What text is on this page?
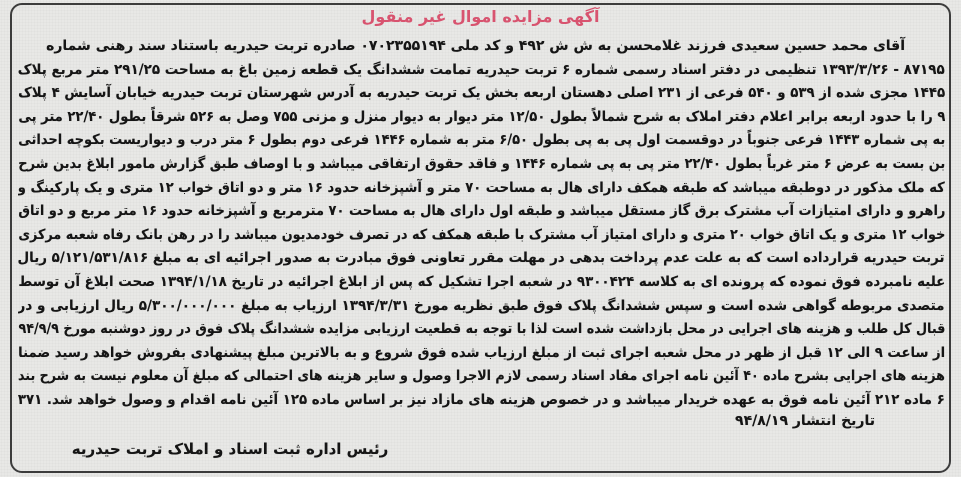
آگهی مزایده اموال غیر منقول
آقای محمد حسین سعیدی فرزند غلامحسن به ش ش ۴۹۲ و کد ملی ۰۷۰۲۳۵۵۱۹۴ صادره تربت حیدریه باستناد سند رهنی شماره
۸۷۱۹۵ - ۱۳۹۳/۳/۲۶ تنظیمی در دفتر اسناد رسمی شماره ۶ تربت حیدریه تمامت ششدانگ یک قطعه زمین باغ به مساحت ۲۹۱/۲۵ متر مربع پلاک
۱۴۴۵ مجزی شده از ۵۳۹ و ۵۴۰ فرعی از ۲۳۱ اصلی دهستان اربعه بخش یک تربت حیدریه به آدرس شهرستان تربت حیدریه خیابان آسایش ۴ پلاک
۹ را با حدود اربعه برابر اعلام دفتر املاک به شرح شمالاً بطول ۱۲/۵۰ متر دیوار به دیوار منزل و مزنی ۷۵۵ وصل به ۵۲۶ شرقاً بطول ۲۲/۴۰ متر پی
به پی شماره ۱۴۴۳ فرعی جنوباً در دوقسمت اول پی به پی بطول ۶/۵۰ متر به شماره ۱۴۴۶ فرعی دوم بطول ۶ متر درب و دیواریست بکوچه احداثی
بن بست به عرض ۶ متر غرباً بطول ۲۲/۴۰ متر پی به پی شماره ۱۴۴۶ و فاقد حقوق ارتفاقی میباشد و با اوصاف طبق گزارش مامور ابلاغ بدین شرح
که ملک مذکور در دوطبقه میباشد که طبقه همکف دارای هال به مساحت ۷۰ متر و آشپزخانه حدود ۱۶ متر و دو اتاق خواب ۱۲ متری و یک پارکینگ و
راهرو و دارای امتیازات آب مشترک برق گاز مستقل میباشد و طبقه اول دارای هال به مساحت ۷۰ مترمربع و آشپزخانه حدود ۱۶ متر مربع و دو اتاق
خواب ۱۲ متری و یک اتاق خواب ۲۰ متری و دارای امتیاز آب مشترک با طبقه همکف که در تصرف خودمدیون میباشد را در رهن بانک رفاه شعبه مرکزی
تربت حیدریه قرارداده است که به علت عدم پرداخت بدهی در مهلت مقرر تعاونی فوق مبادرت به صدور اجرائیه ای به مبلغ ۵/۱۲۱/۵۳۱/۸۱۶ ریال
علیه نامبرده فوق نموده که پرونده ای به کلاسه ۹۳۰۰۴۲۴ در شعبه اجرا تشکیل که پس از ابلاغ اجرائیه در تاریخ ۱۳۹۴/۱/۱۸ صحت ابلاغ آن توسط
متصدی مربوطه گواهی شده است و سپس ششدانگ پلاک فوق طبق نظریه مورخ ۱۳۹۴/۳/۳۱ ارزیاب به مبلغ ۵/۳۰۰/۰۰۰/۰۰۰ ریال ارزیابی و در
قبال کل طلب و هزینه های اجرایی در محل بازداشت شده است لذا با توجه به قطعیت ارزیابی مزایده ششدانگ پلاک فوق در روز دوشنبه مورخ ۹۴/۹/۹
از ساعت ۹ الی ۱۲ قبل از ظهر در محل شعبه اجرای ثبت از مبلغ ارزیاب شده فوق شروع و به بالاترین مبلغ پیشنهادی بفروش خواهد رسید ضمنا
هزینه های اجرایی بشرح ماده ۴۰ آئین نامه اجرای مفاد اسناد رسمی لازم الاجرا وصول و سایر هزینه های احتمالی که مبلغ آن معلوم نیست به شرح بند
۶ ماده ۲۱۲ آئین نامه فوق به عهده خریدار میباشد و در خصوص هزینه های مازاد نیز بر اساس ماده ۱۲۵ آئین نامه اقدام و وصول خواهد شد. ۳۷۱
تاریخ انتشار ۹۴/۸/۱۹
رئیس اداره ثبت اسناد و املاک تربت حیدریه
